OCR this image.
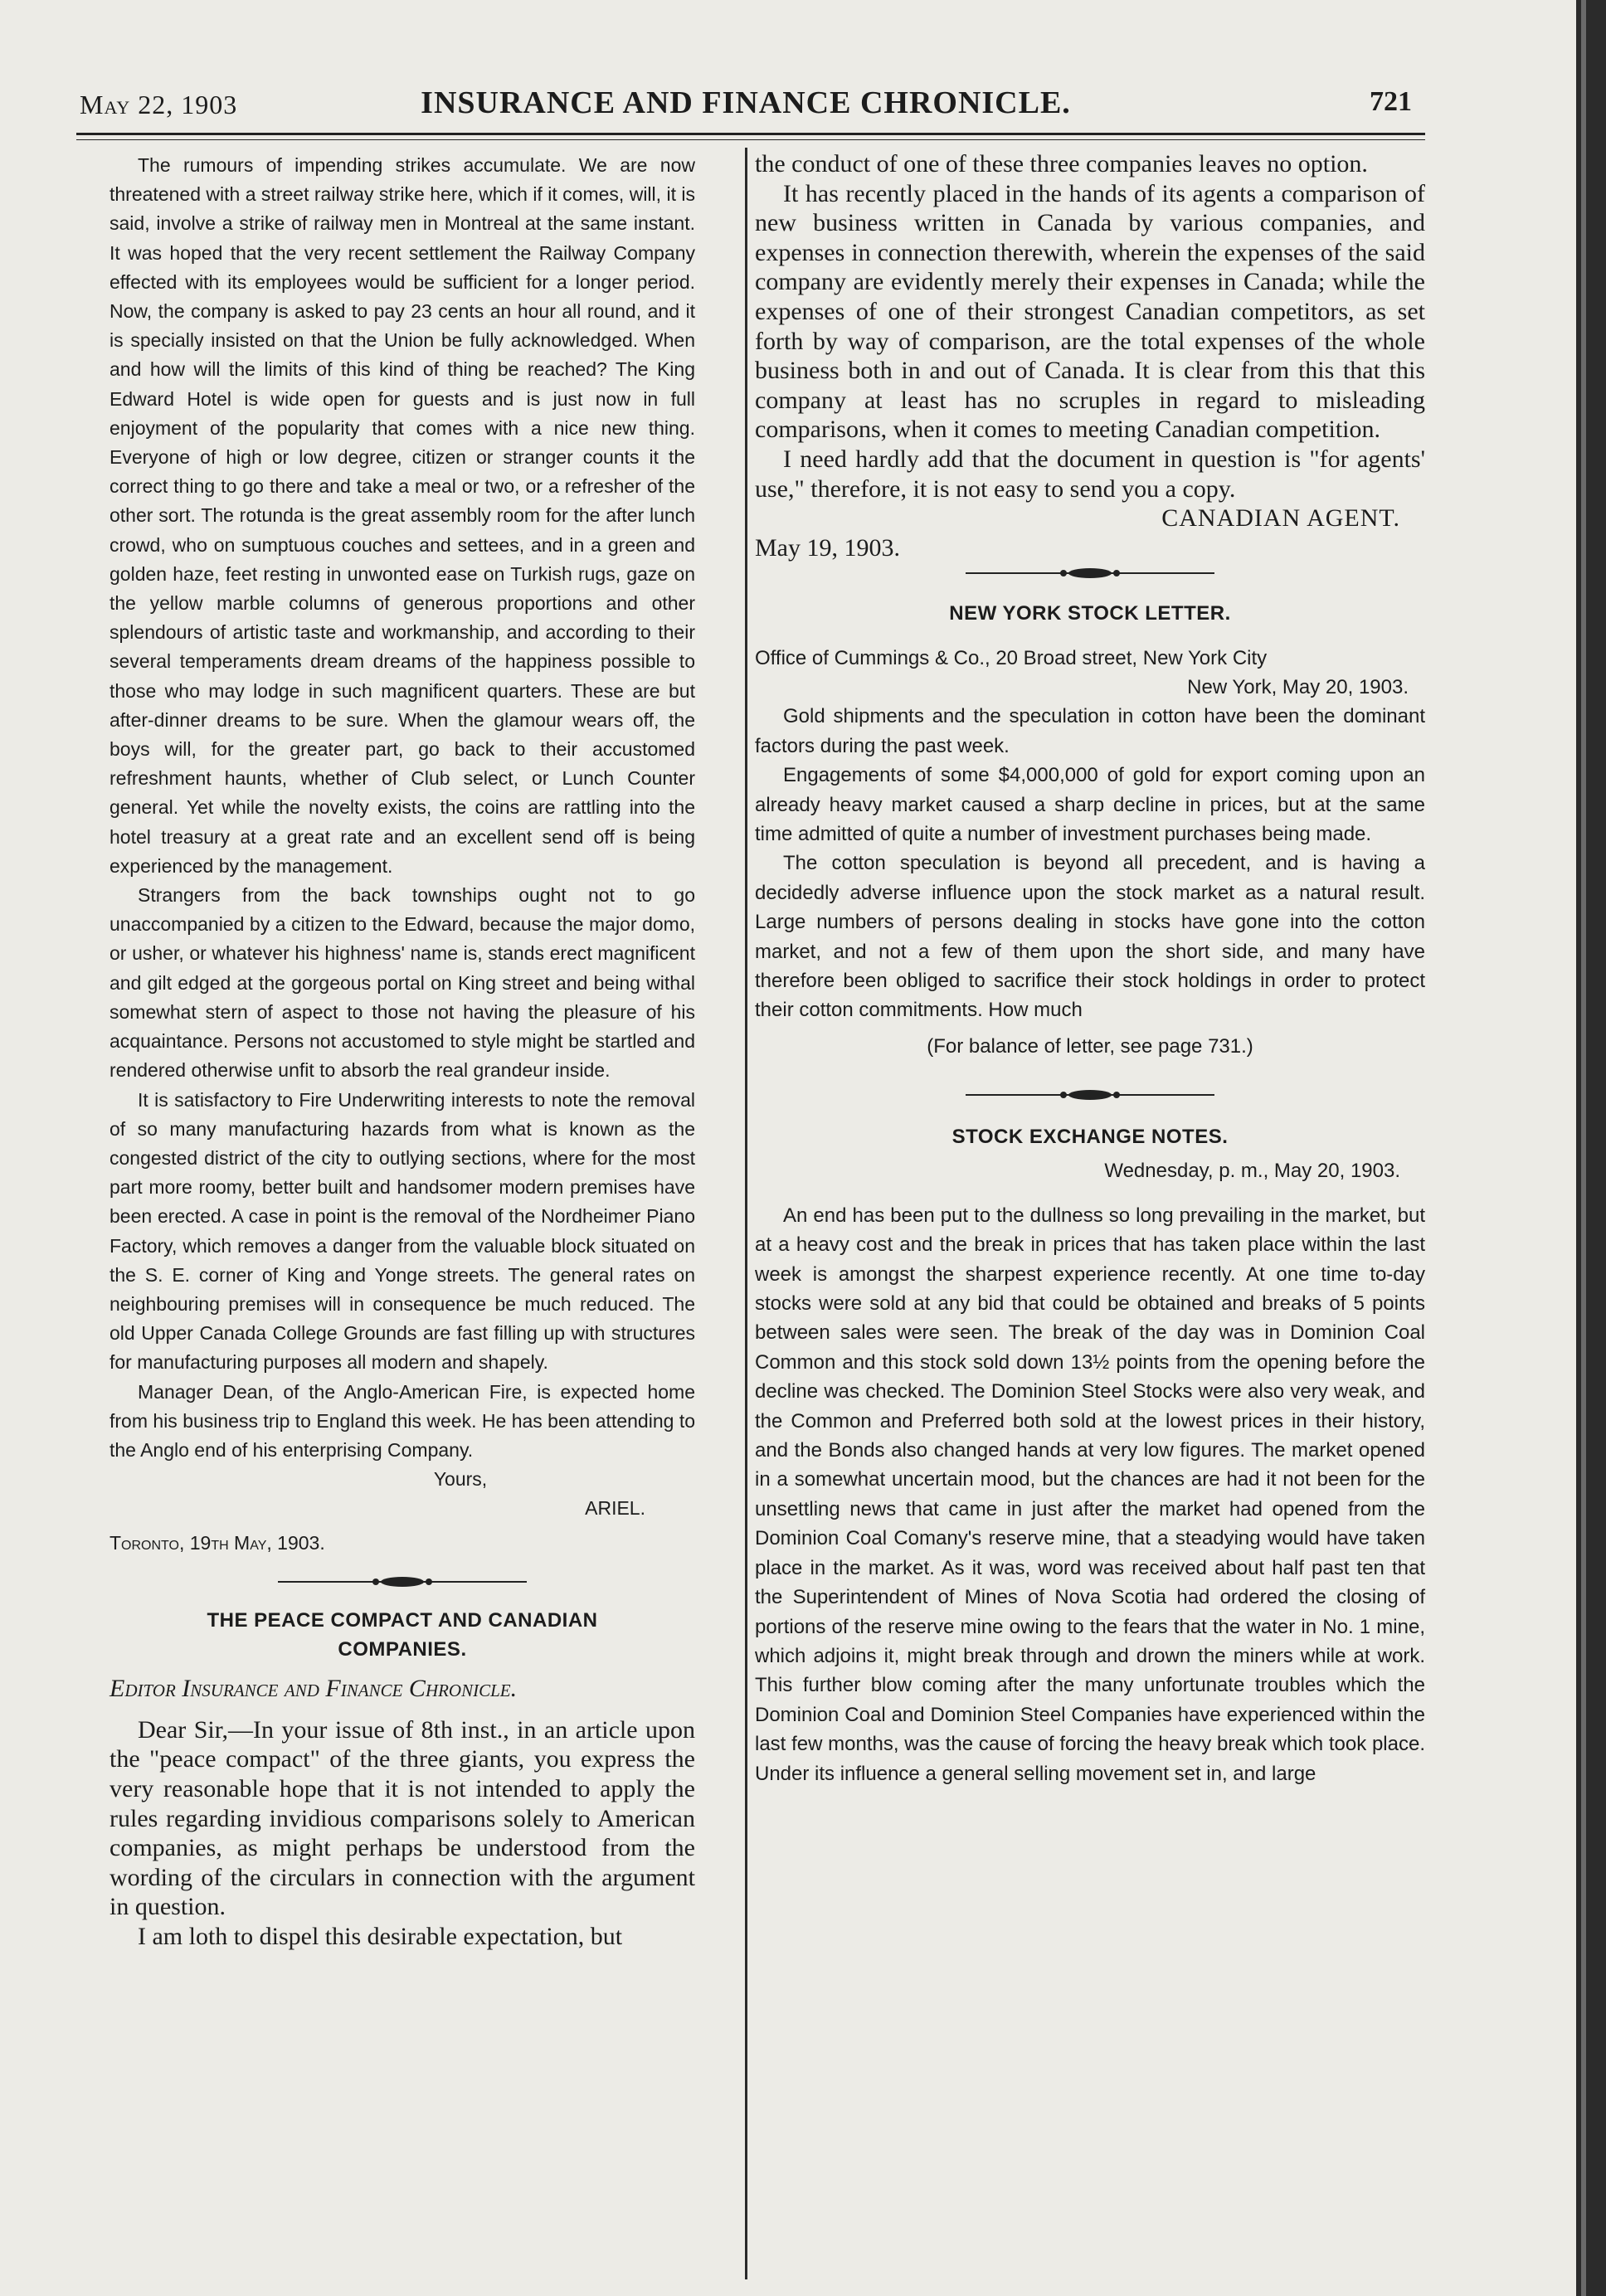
May 22, 1903	INSURANCE AND FINANCE CHRONICLE.	721

The rumours of impending strikes accumulate. We are now threatened with a street railway strike here, which if it comes, will, it is said, involve a strike of railway men in Montreal at the same instant. It was hoped that the very recent settlement the Railway Company effected with its employees would be sufficient for a longer period. Now, the company is asked to pay 23 cents an hour all round, and it is specially insisted on that the Union be fully acknowledged. When and how will the limits of this kind of thing be reached? The King Edward Hotel is wide open for guests and is just now in full enjoyment of the popularity that comes with a nice new thing. Everyone of high or low degree, citizen or stranger counts it the correct thing to go there and take a meal or two, or a refresher of the other sort. The rotunda is the great assembly room for the after lunch crowd, who on sumptuous couches and settees, and in a green and golden haze, feet resting in unwonted ease on Turkish rugs, gaze on the yellow marble columns of generous proportions and other splendours of artistic taste and workmanship, and according to their several temperaments dream dreams of the happiness possible to those who may lodge in such magnificent quarters. These are but after-dinner dreams to be sure. When the glamour wears off, the boys will, for the greater part, go back to their accustomed refreshment haunts, whether of Club select, or Lunch Counter general. Yet while the novelty exists, the coins are rattling into the hotel treasury at a great rate and an excellent send off is being experienced by the management.

Strangers from the back townships ought not to go unaccompanied by a citizen to the Edward, because the major domo, or usher, or whatever his highness' name is, stands erect magnificent and gilt edged at the gorgeous portal on King street and being withal somewhat stern of aspect to those not having the pleasure of his acquaintance. Persons not accustomed to style might be startled and rendered otherwise unfit to absorb the real grandeur inside.

It is satisfactory to Fire Underwriting interests to note the removal of so many manufacturing hazards from what is known as the congested district of the city to outlying sections, where for the most part more roomy, better built and handsomer modern premises have been erected. A case in point is the removal of the Nordheimer Piano Factory, which removes a danger from the valuable block situated on the S. E. corner of King and Yonge streets. The general rates on neighbouring premises will in consequence be much reduced. The old Upper Canada College Grounds are fast filling up with structures for manufacturing purposes all modern and shapely.

Manager Dean, of the Anglo-American Fire, is expected home from his business trip to England this week. He has been attending to the Anglo end of his enterprising Company.

Yours,

ARIEL.

Toronto, 19th May, 1903.

THE PEACE COMPACT AND CANADIAN

COMPANIES.

Editor Insurance and Finance Chronicle.

Dear Sir,—In your issue of 8th inst., in an article upon the "peace compact" of the three giants, you express the very reasonable hope that it is not intended to apply the rules regarding invidious comparisons solely to American companies, as might perhaps be understood from the wording of the circulars in connection with the argument in question.

I am loth to dispel this desirable expectation, but

the conduct of one of these three companies leaves no option.

It has recently placed in the hands of its agents a comparison of new business written in Canada by various companies, and expenses in connection therewith, wherein the expenses of the said company are evidently merely their expenses in Canada; while the expenses of one of their strongest Canadian competitors, as set forth by way of comparison, are the total expenses of the whole business both in and out of Canada. It is clear from this that this company at least has no scruples in regard to misleading comparisons, when it comes to meeting Canadian competition.

I need hardly add that the document in question is "for agents' use," therefore, it is not easy to send you a copy.

CANADIAN AGENT.

May 19, 1903.

NEW YORK STOCK LETTER.

Office of Cummings & Co., 20 Broad street, New York City

New York, May 20, 1903.

Gold shipments and the speculation in cotton have been the dominant factors during the past week.

Engagements of some $4,000,000 of gold for export coming upon an already heavy market caused a sharp decline in prices, but at the same time admitted of quite a number of investment purchases being made.

The cotton speculation is beyond all precedent, and is having a decidedly adverse influence upon the stock market as a natural result. Large numbers of persons dealing in stocks have gone into the cotton market, and not a few of them upon the short side, and many have therefore been obliged to sacrifice their stock holdings in order to protect their cotton commitments. How much

(For balance of letter, see page 731.)

STOCK EXCHANGE NOTES.

Wednesday, p. m., May 20, 1903.

An end has been put to the dullness so long prevailing in the market, but at a heavy cost and the break in prices that has taken place within the last week is amongst the sharpest experience recently. At one time to-day stocks were sold at any bid that could be obtained and breaks of 5 points between sales were seen. The break of the day was in Dominion Coal Common and this stock sold down 13½ points from the opening before the decline was checked. The Dominion Steel Stocks were also very weak, and the Common and Preferred both sold at the lowest prices in their history, and the Bonds also changed hands at very low figures. The market opened in a somewhat uncertain mood, but the chances are had it not been for the unsettling news that came in just after the market had opened from the Dominion Coal Comany's reserve mine, that a steadying would have taken place in the market. As it was, word was received about half past ten that the Superintendent of Mines of Nova Scotia had ordered the closing of portions of the reserve mine owing to the fears that the water in No. 1 mine, which adjoins it, might break through and drown the miners while at work. This further blow coming after the many unfortunate troubles which the Dominion Coal and Dominion Steel Companies have experienced within the last few months, was the cause of forcing the heavy break which took place. Under its influence a general selling movement set in, and large
